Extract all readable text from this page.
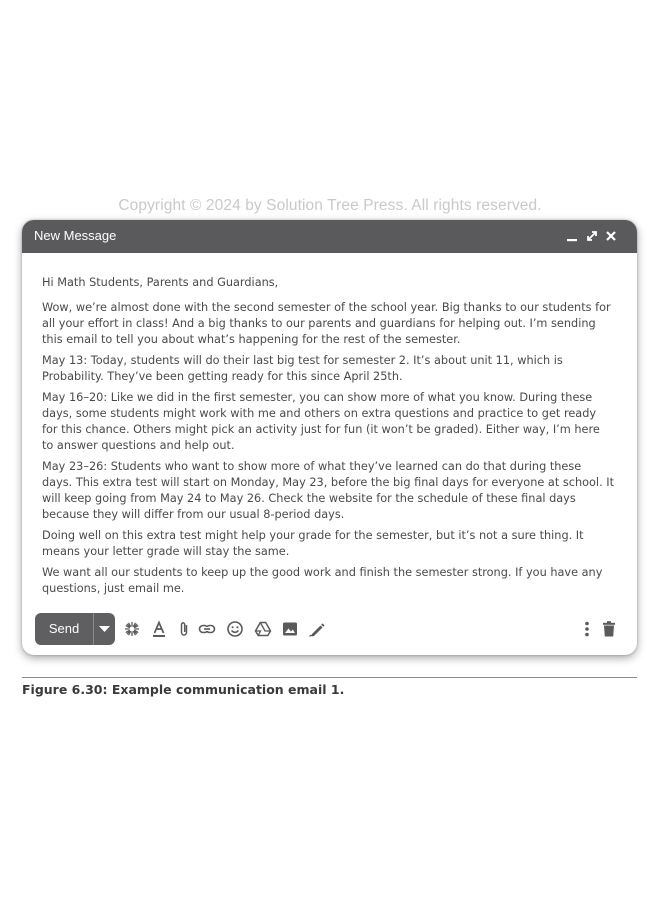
Copyright © 2024 by Solution Tree Press. All rights reserved.
New Message

Hi Math Students, Parents and Guardians,

Wow, we’re almost done with the second semester of the school year. Big thanks to our students for all your effort in class! And a big thanks to our parents and guardians for helping out. I’m sending this email to tell you about what’s happening for the rest of the semester.

May 13: Today, students will do their last big test for semester 2. It’s about unit 11, which is Probability. They’ve been getting ready for this since April 25th.

May 16–20: Like we did in the first semester, you can show more of what you know. During these days, some students might work with me and others on extra questions and practice to get ready for this chance. Others might pick an activity just for fun (it won’t be graded). Either way, I’m here to answer questions and help out.

May 23–26: Students who want to show more of what they’ve learned can do that during these days. This extra test will start on Monday, May 23, before the big final days for everyone at school. It will keep going from May 24 to May 26. Check the website for the schedule of these final days because they will differ from our usual 8-period days.

Doing well on this extra test might help your grade for the semester, but it’s not a sure thing. It means your letter grade will stay the same.

We want all our students to keep up the good work and finish the semester strong. If you have any questions, just email me.

Send
Figure 6.30: Example communication email 1.
